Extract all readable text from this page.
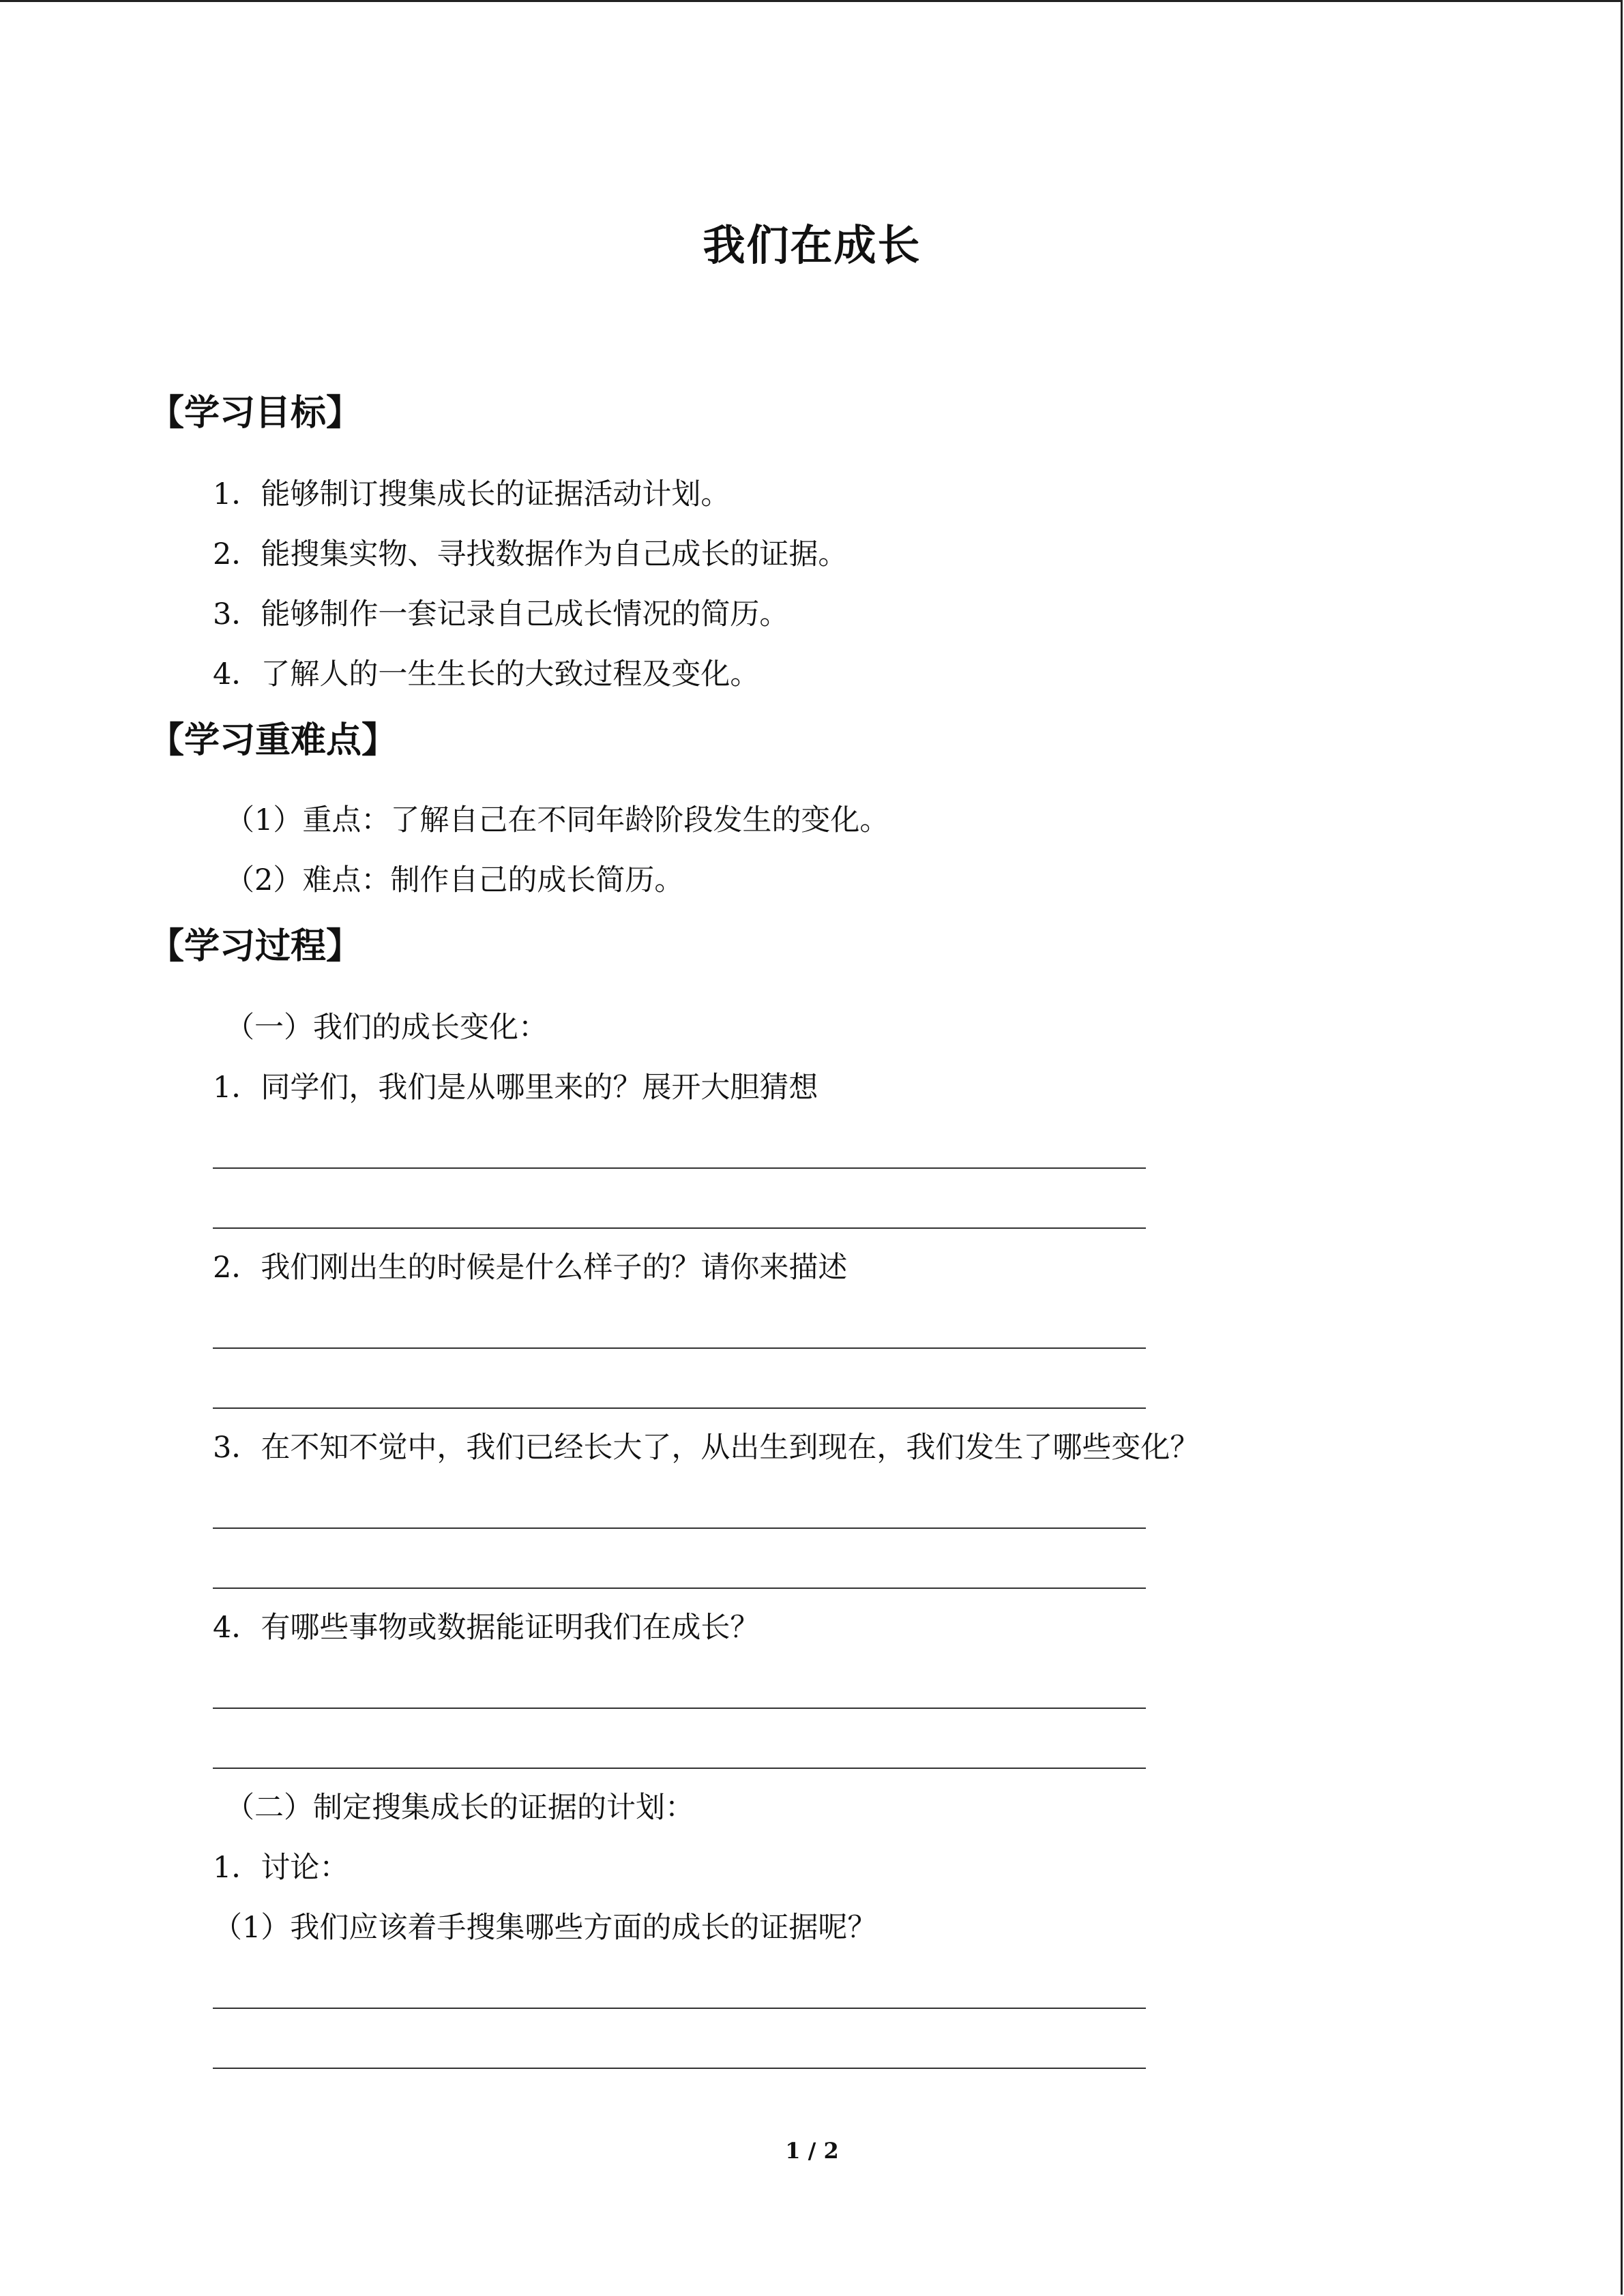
我们在成长
【学习目标】
1．能够制订搜集成长的证据活动计划。
2．能搜集实物、寻找数据作为自己成长的证据。
3．能够制作一套记录自己成长情况的简历。
4．了解人的一生生长的大致过程及变化。
【学习重难点】
（1）重点：了解自己在不同年龄阶段发生的变化。
（2）难点：制作自己的成长简历。
【学习过程】
（一）我们的成长变化：
1．同学们，我们是从哪里来的？展开大胆猜想
2．我们刚出生的时候是什么样子的？请你来描述
3．在不知不觉中，我们已经长大了，从出生到现在，我们发生了哪些变化？
4．有哪些事物或数据能证明我们在成长？
（二）制定搜集成长的证据的计划：
1．讨论：
（1）我们应该着手搜集哪些方面的成长的证据呢？
1 / 2
